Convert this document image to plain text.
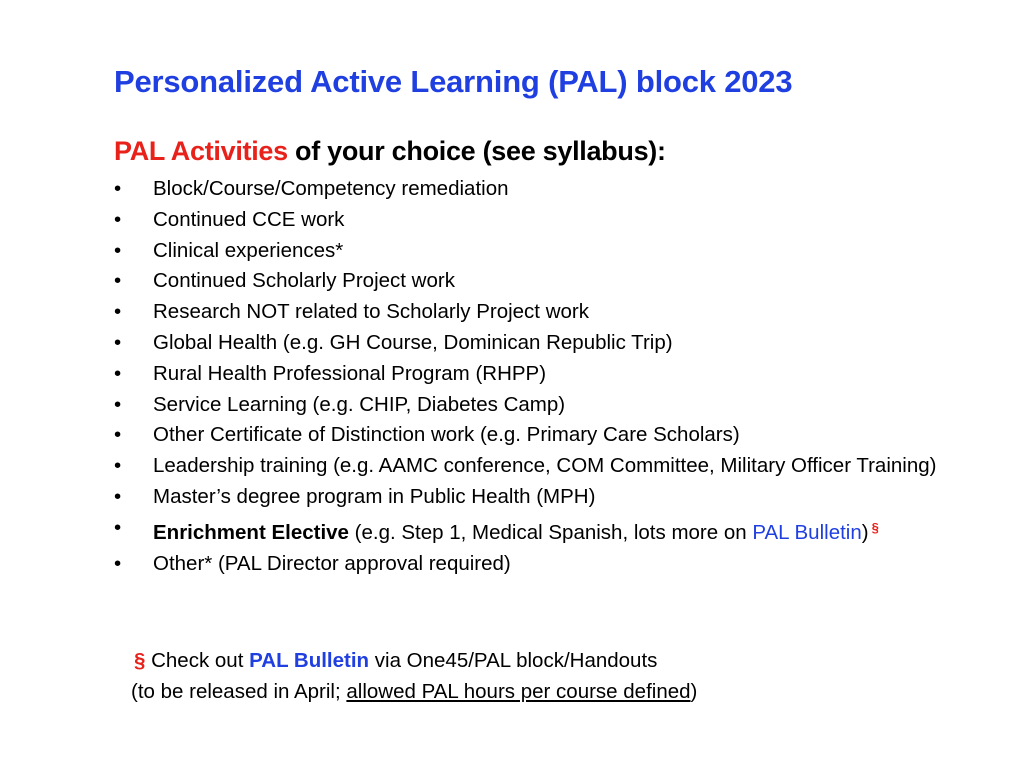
Personalized Active Learning (PAL) block 2023
PAL Activities of your choice (see syllabus):
• Block/Course/Competency remediation
• Continued CCE work
• Clinical experiences*
• Continued Scholarly Project work
• Research NOT related to Scholarly Project work
• Global Health (e.g. GH Course, Dominican Republic Trip)
• Rural Health Professional Program (RHPP)
• Service Learning (e.g. CHIP, Diabetes Camp)
• Other Certificate of Distinction work (e.g. Primary Care Scholars)
• Leadership training (e.g. AAMC conference, COM Committee, Military Officer Training)
• Master’s degree program in Public Health (MPH)
• Enrichment Elective (e.g. Step 1, Medical Spanish, lots more on PAL Bulletin) §
• Other* (PAL Director approval required)
§ Check out PAL Bulletin via One45/PAL block/Handouts
(to be released in April; allowed PAL hours per course defined)
